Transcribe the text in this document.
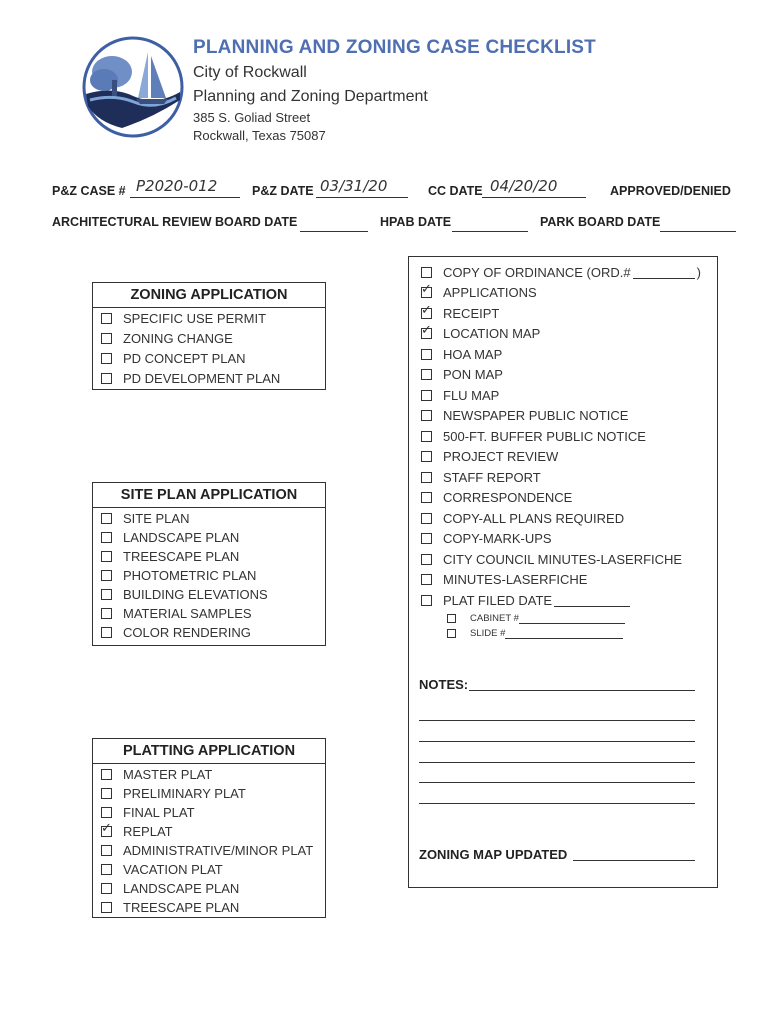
PLANNING AND ZONING CASE CHECKLIST
City of Rockwall
Planning and Zoning Department
385 S. Goliad Street
Rockwall, Texas 75087
P&Z CASE # P2020-012	P&Z DATE 03/31/20	CC DATE 04/20/20	APPROVED/DENIED
ARCHITECTURAL REVIEW BOARD DATE	HPAB DATE	PARK BOARD DATE
ZONING APPLICATION
SPECIFIC USE PERMIT
ZONING CHANGE
PD CONCEPT PLAN
PD DEVELOPMENT PLAN
SITE PLAN APPLICATION
SITE PLAN
LANDSCAPE PLAN
TREESCAPE PLAN
PHOTOMETRIC PLAN
BUILDING ELEVATIONS
MATERIAL SAMPLES
COLOR RENDERING
PLATTING APPLICATION
MASTER PLAT
PRELIMINARY PLAT
FINAL PLAT
✓
REPLAT
ADMINISTRATIVE/MINOR PLAT
VACATION PLAT
LANDSCAPE PLAN
TREESCAPE PLAN
COPY OF ORDINANCE (ORD.#	)
✓
APPLICATIONS
✓
RECEIPT
✓
LOCATION MAP
HOA MAP
PON MAP
FLU MAP
NEWSPAPER PUBLIC NOTICE
500-FT. BUFFER PUBLIC NOTICE
PROJECT REVIEW
STAFF REPORT
CORRESPONDENCE
COPY-ALL PLANS REQUIRED
COPY-MARK-UPS
CITY COUNCIL MINUTES-LASERFICHE
MINUTES-LASERFICHE
PLAT FILED DATE
CABINET #
SLIDE #
NOTES:
ZONING MAP UPDATED
